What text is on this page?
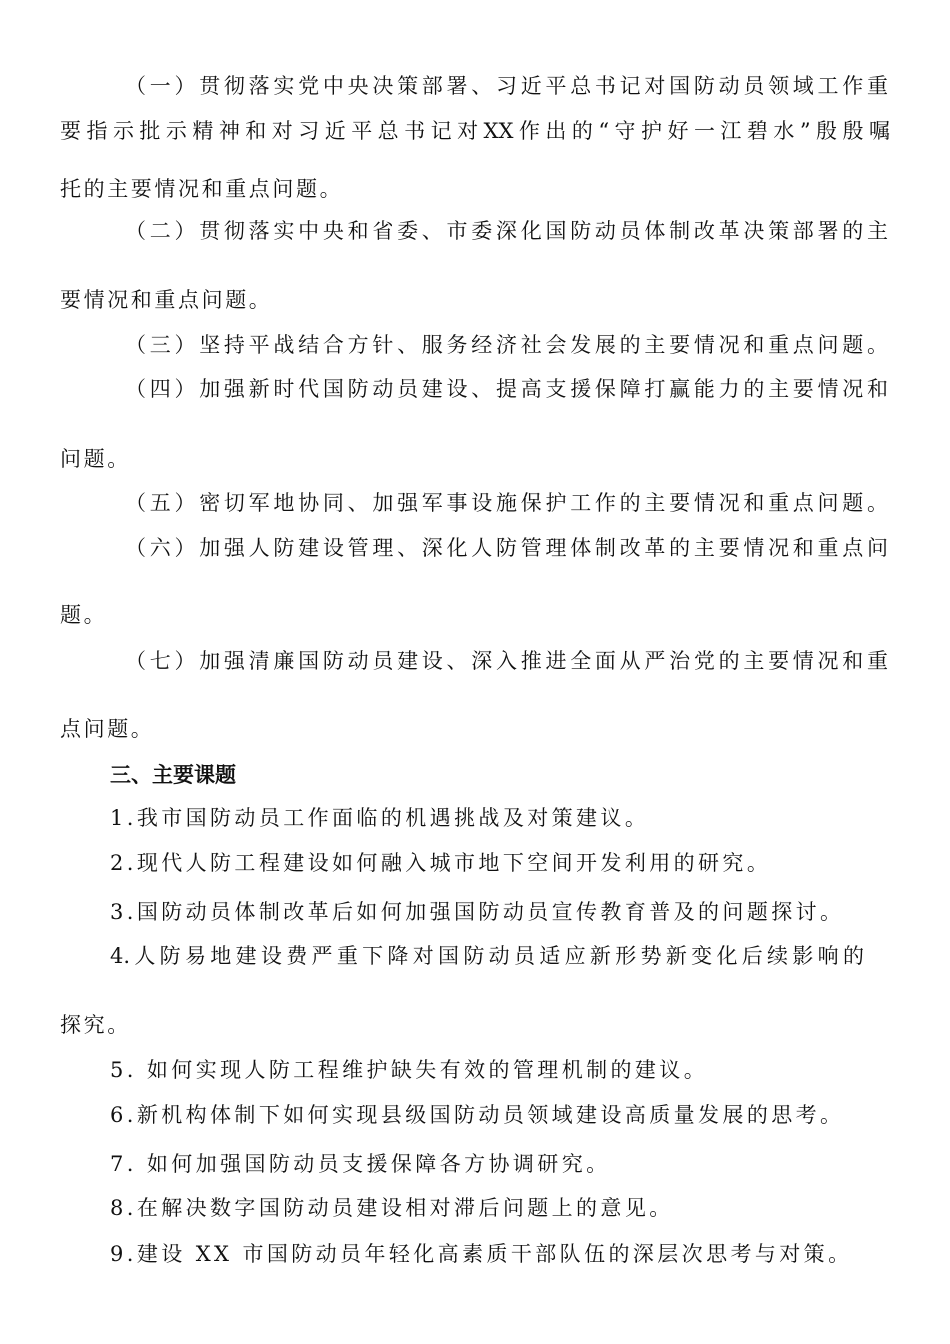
（一）贯彻落实党中央决策部署、习近平总书记对国防动员领域工作重
要指示批示精神和对习近平总书记对XX作出的“守护好一江碧水”殷殷嘱
托的主要情况和重点问题。
（二）贯彻落实中央和省委、市委深化国防动员体制改革决策部署的主
要情况和重点问题。
（三）坚持平战结合方针、服务经济社会发展的主要情况和重点问题。
（四）加强新时代国防动员建设、提高支援保障打赢能力的主要情况和
问题。
（五）密切军地协同、加强军事设施保护工作的主要情况和重点问题。
（六）加强人防建设管理、深化人防管理体制改革的主要情况和重点问
题。
（七）加强清廉国防动员建设、深入推进全面从严治党的主要情况和重
点问题。
三、主要课题
1.我市国防动员工作面临的机遇挑战及对策建议。
2.现代人防工程建设如何融入城市地下空间开发利用的研究。
3.国防动员体制改革后如何加强国防动员宣传教育普及的问题探讨。
4.人防易地建设费严重下降对国防动员适应新形势新变化后续影响的
探究。
5. 如何实现人防工程维护缺失有效的管理机制的建议。
6.新机构体制下如何实现县级国防动员领域建设高质量发展的思考。
7. 如何加强国防动员支援保障各方协调研究。
8.在解决数字国防动员建设相对滞后问题上的意见。
9.建设 XX 市国防动员年轻化高素质干部队伍的深层次思考与对策。
